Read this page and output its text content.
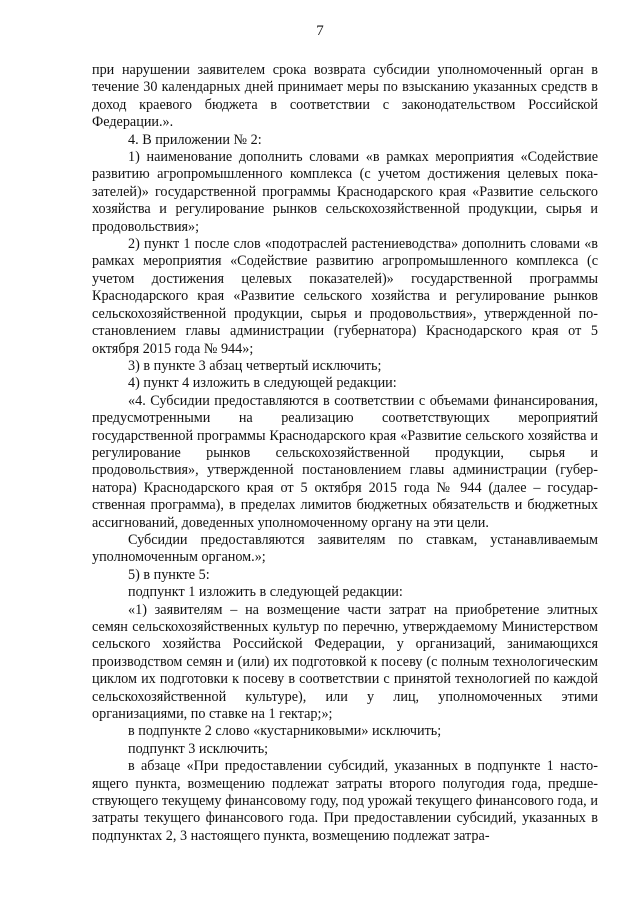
7

при нарушении заявителем срока возврата субсидии уполномоченный орган в течение 30 календарных дней принимает меры по взысканию указанных средств в доход краевого бюджета в соответствии с законодательством Российской Федерации.».

4. В приложении № 2:

1) наименование дополнить словами «в рамках мероприятия «Содействие развитию агропромышленного комплекса (с учетом достижения целевых показателей)» государственной программы Краснодарского края «Развитие сельского хозяйства и регулирование рынков сельскохозяйственной продукции, сырья и продовольствия»;

2) пункт 1 после слов «подотраслей растениеводства» дополнить словами «в рамках мероприятия «Содействие развитию агропромышленного комплекса (с учетом достижения целевых показателей)» государственной программы Краснодарского края «Развитие сельского хозяйства и регулирование рынков сельскохозяйственной продукции, сырья и продовольствия», утвержденной постановлением главы администрации (губернатора) Краснодарского края от 5 октября 2015 года № 944»;

3) в пункте 3 абзац четвертый исключить;

4) пункт 4 изложить в следующей редакции:

«4. Субсидии предоставляются в соответствии с объемами финансирования, предусмотренными на реализацию соответствующих мероприятий государственной программы Краснодарского края «Развитие сельского хозяйства и регулирование рынков сельскохозяйственной продукции, сырья и продовольствия», утвержденной постановлением главы администрации (губернатора) Краснодарского края от 5 октября 2015 года № 944 (далее – государственная программа), в пределах лимитов бюджетных обязательств и бюджетных ассигнований, доведенных уполномоченному органу на эти цели.

Субсидии предоставляются заявителям по ставкам, устанавливаемым уполномоченным органом.»;

5) в пункте 5:

подпункт 1 изложить в следующей редакции:

«1) заявителям – на возмещение части затрат на приобретение элитных семян сельскохозяйственных культур по перечню, утверждаемому Министерством сельского хозяйства Российской Федерации, у организаций, занимающихся производством семян и (или) их подготовкой к посеву (с полным технологическим циклом их подготовки к посеву в соответствии с принятой технологией по каждой сельскохозяйственной культуре), или у лиц, уполномоченных этими организациями, по ставке на 1 гектар;»;

в подпункте 2 слово «кустарниковыми» исключить;

подпункт 3 исключить;

в абзаце «При предоставлении субсидий, указанных в подпункте 1 настоящего пункта, возмещению подлежат затраты второго полугодия года, предшествующего текущему финансовому году, под урожай текущего финансового года, и затраты текущего финансового года. При предоставлении субсидий, указанных в подпунктах 2, 3 настоящего пункта, возмещению подлежат затра-
